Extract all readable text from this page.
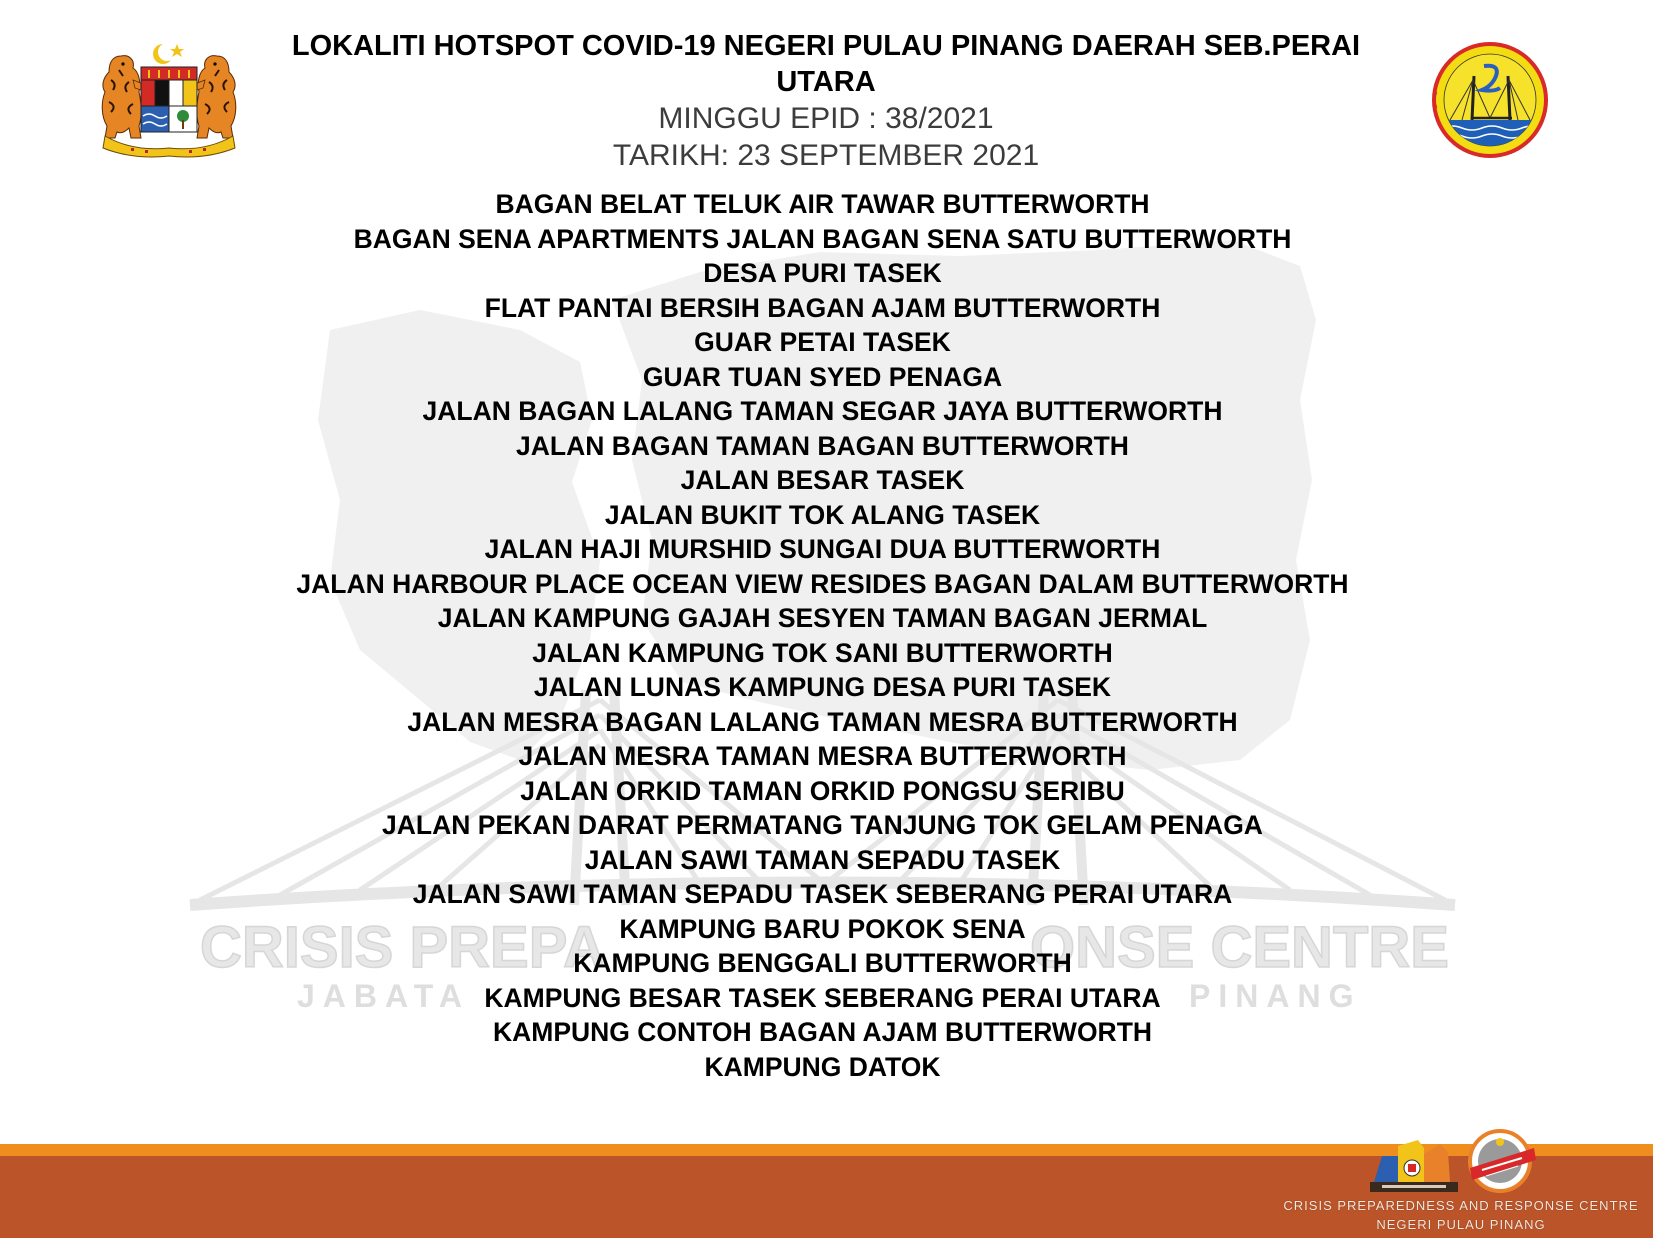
CRISIS PREPA	ONSE CENTRE
JABATA	PINANG
LOKALITI HOTSPOT COVID-19 NEGERI PULAU PINANG DAERAH SEB.PERAI
UTARA
MINGGU EPID : 38/2021
TARIKH: 23 SEPTEMBER 2021
BAGAN BELAT TELUK AIR TAWAR BUTTERWORTH
BAGAN SENA APARTMENTS JALAN BAGAN SENA SATU BUTTERWORTH
DESA PURI TASEK
FLAT PANTAI BERSIH BAGAN AJAM BUTTERWORTH
GUAR PETAI TASEK
GUAR TUAN SYED PENAGA
JALAN BAGAN LALANG TAMAN SEGAR JAYA BUTTERWORTH
JALAN BAGAN TAMAN BAGAN BUTTERWORTH
JALAN BESAR TASEK
JALAN BUKIT TOK ALANG TASEK
JALAN HAJI MURSHID SUNGAI DUA BUTTERWORTH
JALAN HARBOUR PLACE OCEAN VIEW RESIDES BAGAN DALAM BUTTERWORTH
JALAN KAMPUNG GAJAH SESYEN TAMAN BAGAN JERMAL
JALAN KAMPUNG TOK SANI BUTTERWORTH
JALAN LUNAS KAMPUNG DESA PURI TASEK
JALAN MESRA BAGAN LALANG TAMAN MESRA BUTTERWORTH
JALAN MESRA TAMAN MESRA BUTTERWORTH
JALAN ORKID TAMAN ORKID PONGSU SERIBU
JALAN PEKAN DARAT PERMATANG TANJUNG TOK GELAM PENAGA
JALAN SAWI TAMAN SEPADU TASEK
JALAN SAWI TAMAN SEPADU TASEK SEBERANG PERAI UTARA
KAMPUNG BARU POKOK SENA
KAMPUNG BENGGALI BUTTERWORTH
KAMPUNG BESAR TASEK SEBERANG PERAI UTARA
KAMPUNG CONTOH BAGAN AJAM BUTTERWORTH
KAMPUNG DATOK
CRISIS PREPAREDNESS AND RESPONSE CENTRE
NEGERI PULAU PINANG
